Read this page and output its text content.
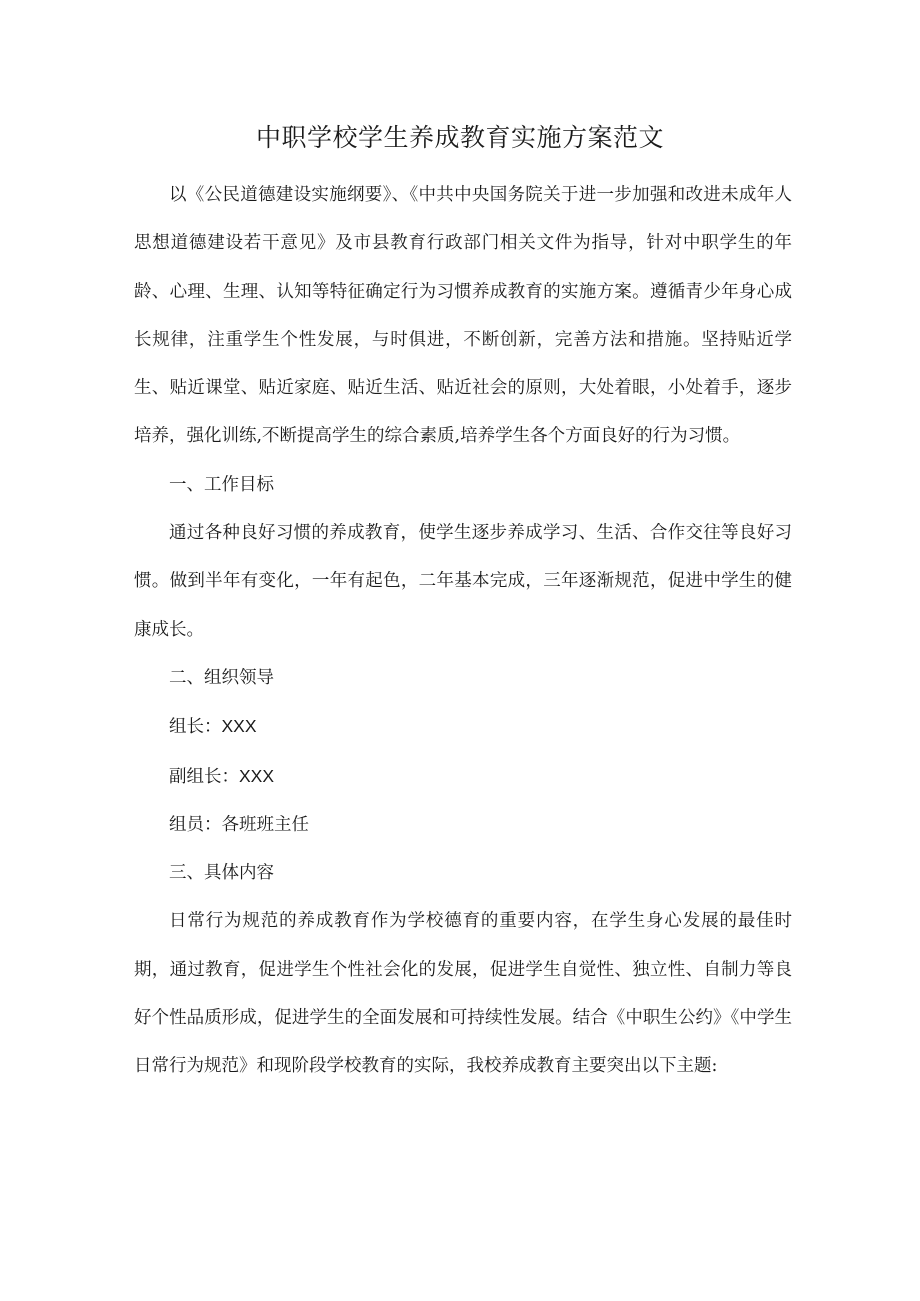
中职学校学生养成教育实施方案范文

以《公民道德建设实施纲要》、《中共中央国务院关于进一步加强和改进未成年人思想道德建设若干意见》及市县教育行政部门相关文件为指导，针对中职学生的年龄、心理、生理、认知等特征确定行为习惯养成教育的实施方案。遵循青少年身心成长规律，注重学生个性发展，与时俱进，不断创新，完善方法和措施。坚持贴近学生、贴近课堂、贴近家庭、贴近生活、贴近社会的原则，大处着眼，小处着手，逐步培养，强化训练,不断提高学生的综合素质,培养学生各个方面良好的行为习惯。

一、工作目标

通过各种良好习惯的养成教育，使学生逐步养成学习、生活、合作交往等良好习惯。做到半年有变化，一年有起色，二年基本完成，三年逐渐规范，促进中学生的健康成长。

二、组织领导

组长：XXX

副组长：XXX

组员：各班班主任

三、具体内容

日常行为规范的养成教育作为学校德育的重要内容，在学生身心发展的最佳时期，通过教育，促进学生个性社会化的发展，促进学生自觉性、独立性、自制力等良好个性品质形成，促进学生的全面发展和可持续性发展。结合《中职生公约》《中学生日常行为规范》和现阶段学校教育的实际，我校养成教育主要突出以下主题:
